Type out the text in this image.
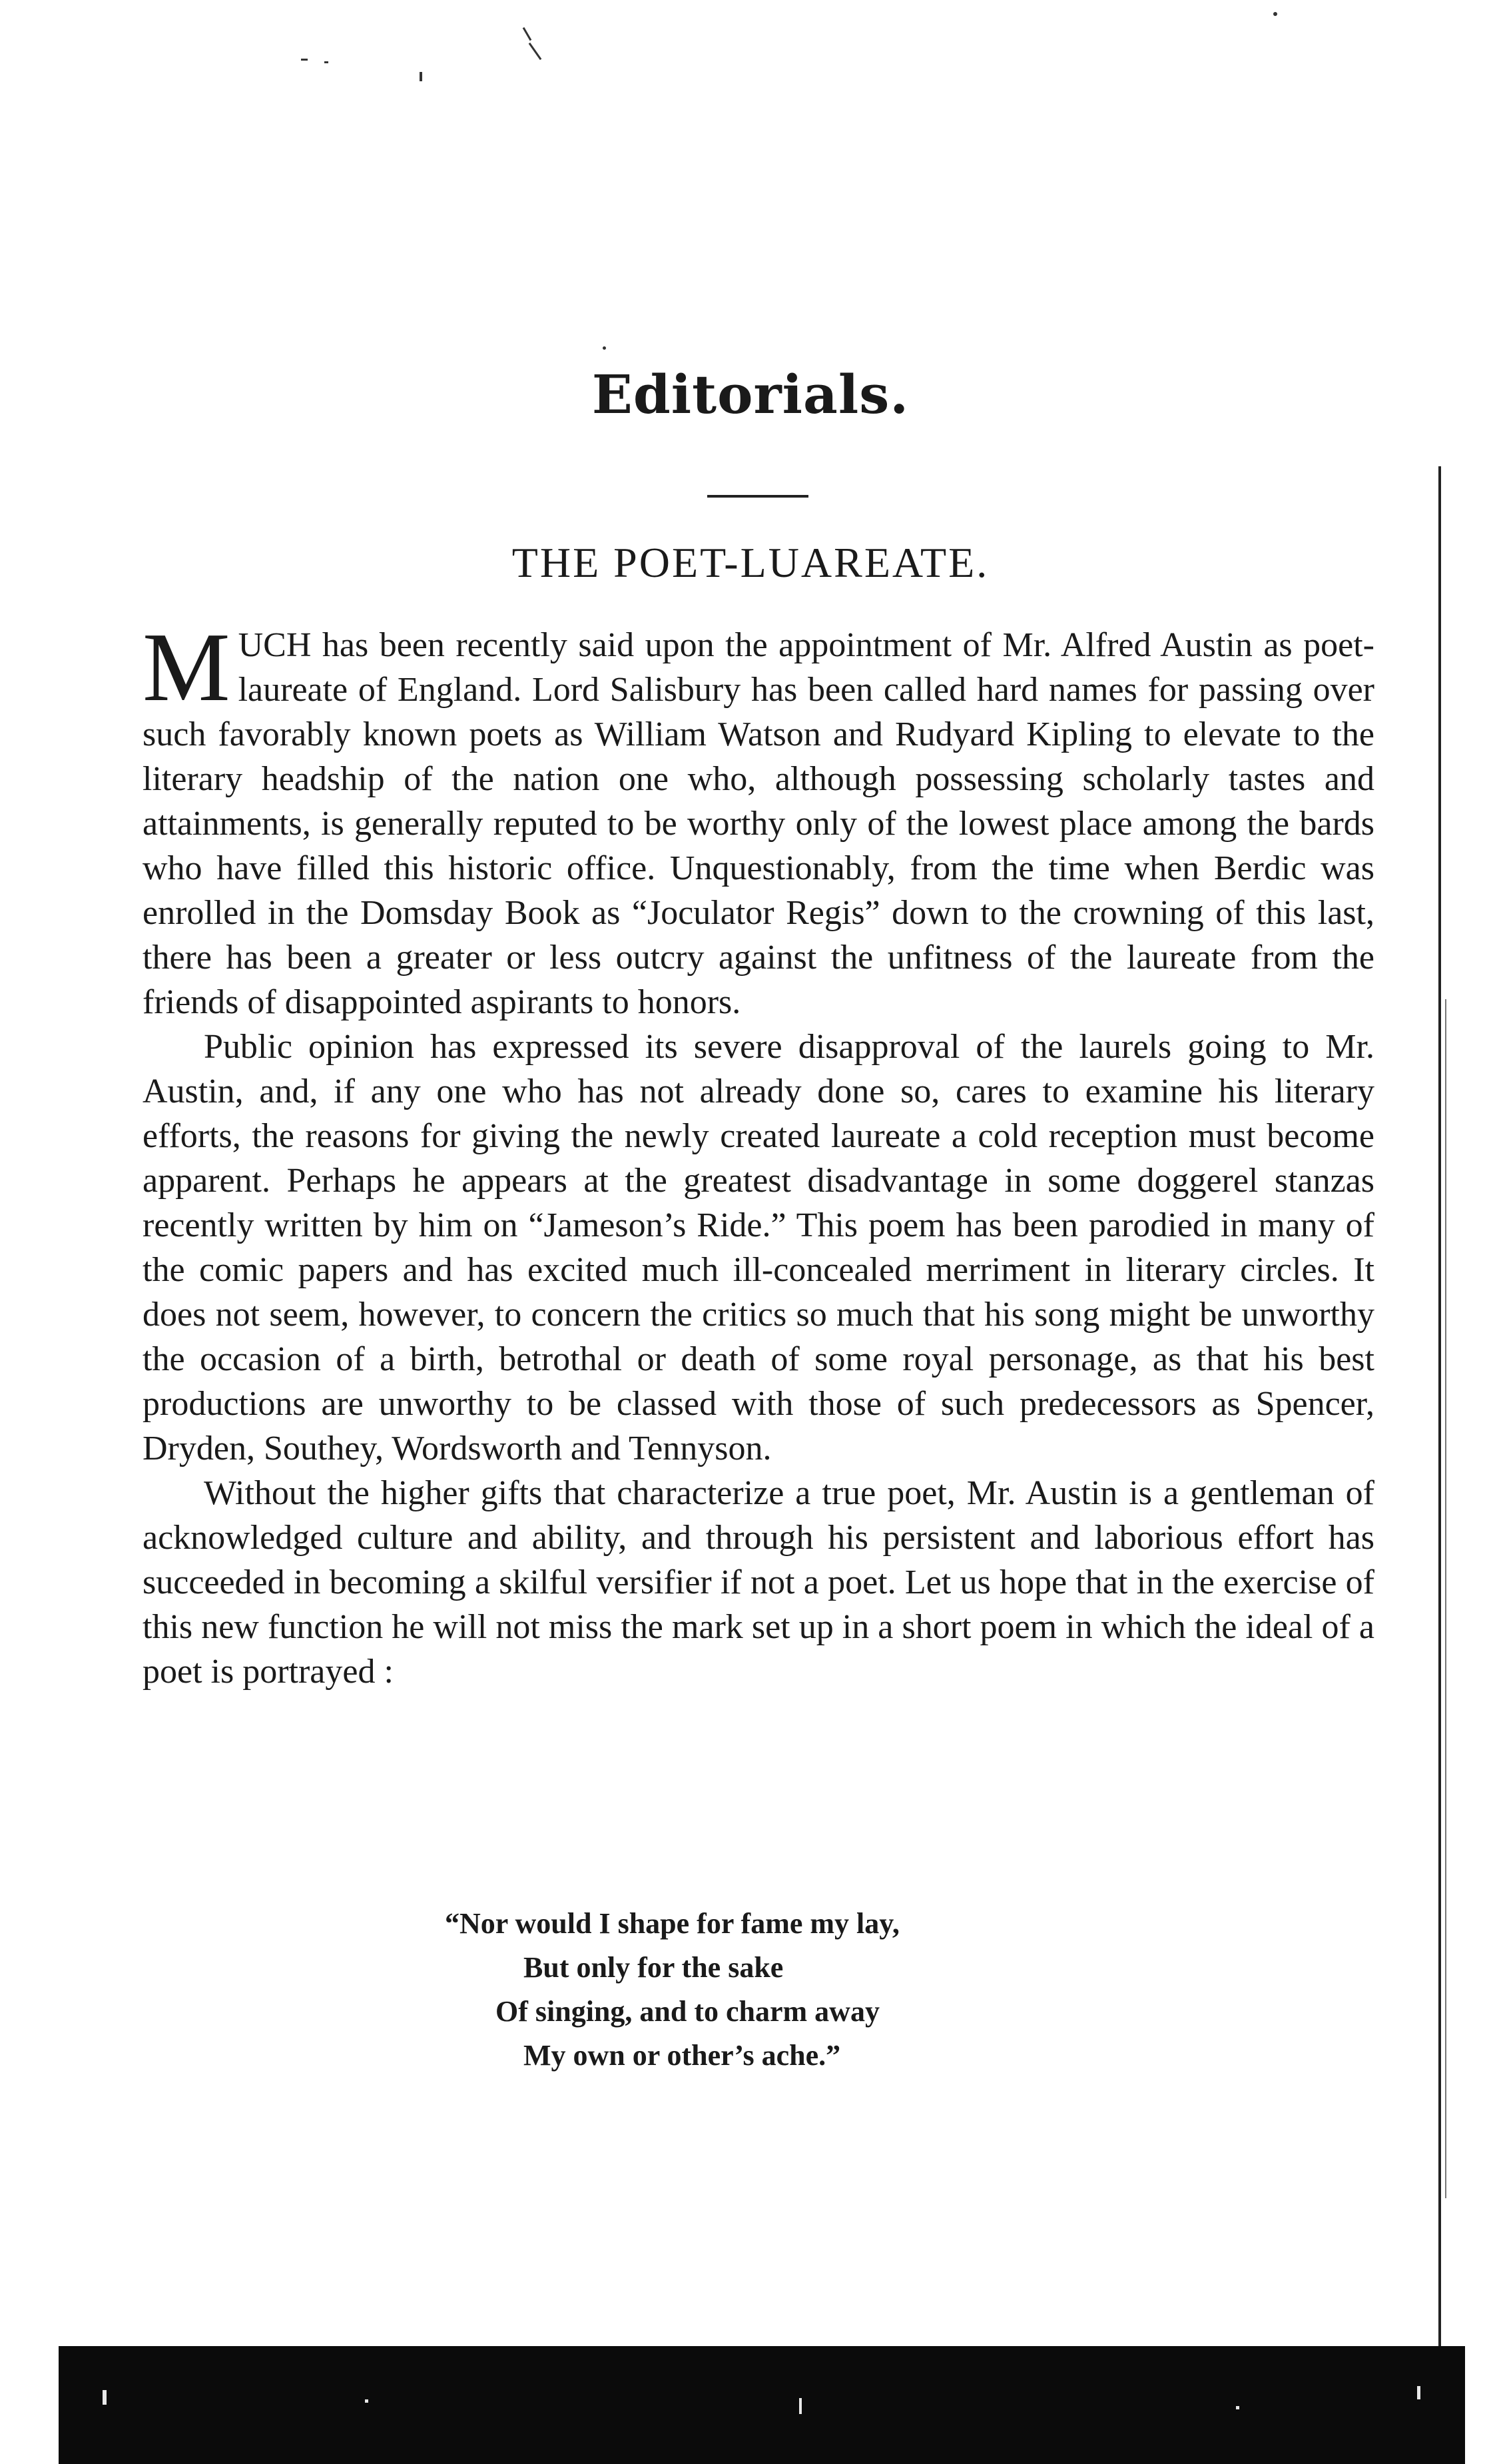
Editorials.
THE POET-LUAREATE.

MUCH has been recently said upon the appointment of Mr. Alfred Austin as poet-laureate of England. Lord Salisbury has been called hard names for passing over such favorably known poets as William Watson and Rudyard Kipling to elevate to the literary headship of the nation one who, although possessing scholarly tastes and attainments, is generally reputed to be worthy only of the lowest place among the bards who have filled this historic office. Unquestionably, from the time when Berdic was enrolled in the Domsday Book as “Joculator Regis” down to the crowning of this last, there has been a greater or less outcry against the unfitness of the laureate from the friends of disappointed aspirants to honors.

Public opinion has expressed its severe disapproval of the laurels going to Mr. Austin, and, if any one who has not already done so, cares to examine his literary efforts, the reasons for giving the newly created laureate a cold reception must become apparent. Perhaps he appears at the greatest disadvantage in some doggerel stanzas recently written by him on “Jameson’s Ride.” This poem has been parodied in many of the comic papers and has excited much ill-concealed merriment in literary circles. It does not seem, however, to concern the critics so much that his song might be unworthy the occasion of a birth, betrothal or death of some royal personage, as that his best productions are unworthy to be classed with those of such predecessors as Spencer, Dryden, Southey, Wordsworth and Tennyson.

Without the higher gifts that characterize a true poet, Mr. Austin is a gentleman of acknowledged culture and ability, and through his persistent and laborious effort has succeeded in becoming a skilful versifier if not a poet. Let us hope that in the exercise of this new function he will not miss the mark set up in a short poem in which the ideal of a poet is portrayed :

“Nor would I shape for fame my lay,
But only for the sake
Of singing, and to charm away
My own or other’s ache.”
